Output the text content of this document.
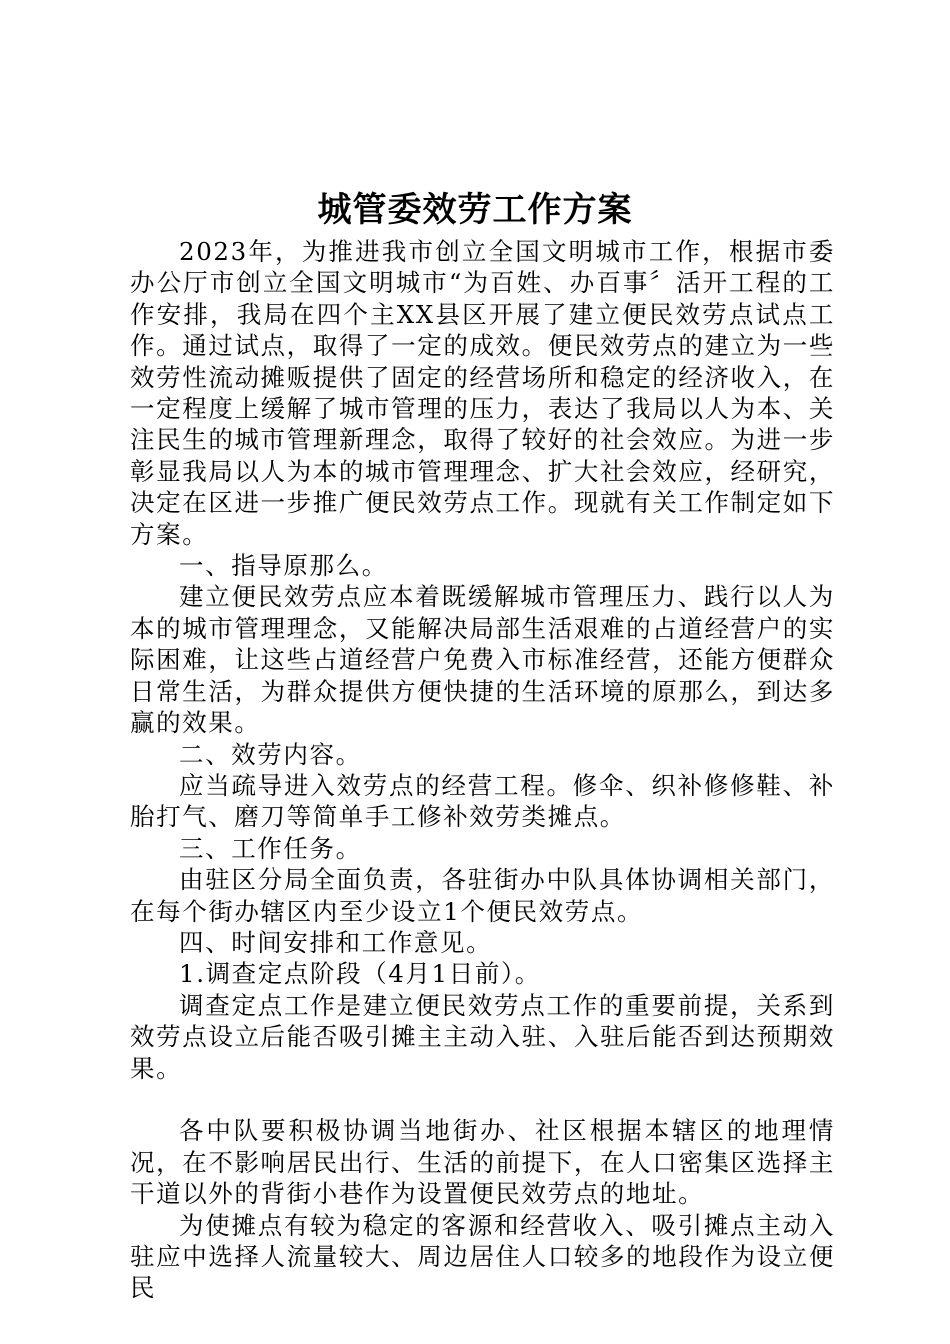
城管委效劳工作方案

2023年，为推进我市创立全国文明城市工作，根据市委办公厅市创立全国文明城市“为百姓、办百事〞活开工程的工作安排，我局在四个主XX县区开展了建立便民效劳点试点工作。通过试点，取得了一定的成效。便民效劳点的建立为一些效劳性流动摊贩提供了固定的经营场所和稳定的经济收入，在一定程度上缓解了城市管理的压力，表达了我局以人为本、关注民生的城市管理新理念，取得了较好的社会效应。为进一步彰显我局以人为本的城市管理理念、扩大社会效应，经研究，决定在区进一步推广便民效劳点工作。现就有关工作制定如下方案。

一、指导原那么。

建立便民效劳点应本着既缓解城市管理压力、践行以人为本的城市管理理念，又能解决局部生活艰难的占道经营户的实际困难，让这些占道经营户免费入市标准经营，还能方便群众日常生活，为群众提供方便快捷的生活环境的原那么，到达多赢的效果。

二、效劳内容。

应当疏导进入效劳点的经营工程。修伞、织补修修鞋、补胎打气、磨刀等简单手工修补效劳类摊点。

三、工作任务。

由驻区分局全面负责，各驻街办中队具体协调相关部门，在每个街办辖区内至少设立1个便民效劳点。

四、时间安排和工作意见。

1.调查定点阶段（4月1日前）。

调查定点工作是建立便民效劳点工作的重要前提，关系到效劳点设立后能否吸引摊主主动入驻、入驻后能否到达预期效果。

各中队要积极协调当地街办、社区根据本辖区的地理情况，在不影响居民出行、生活的前提下，在人口密集区选择主干道以外的背街小巷作为设置便民效劳点的地址。

为使摊点有较为稳定的客源和经营收入、吸引摊点主动入驻应中选择人流量较大、周边居住人口较多的地段作为设立便民
